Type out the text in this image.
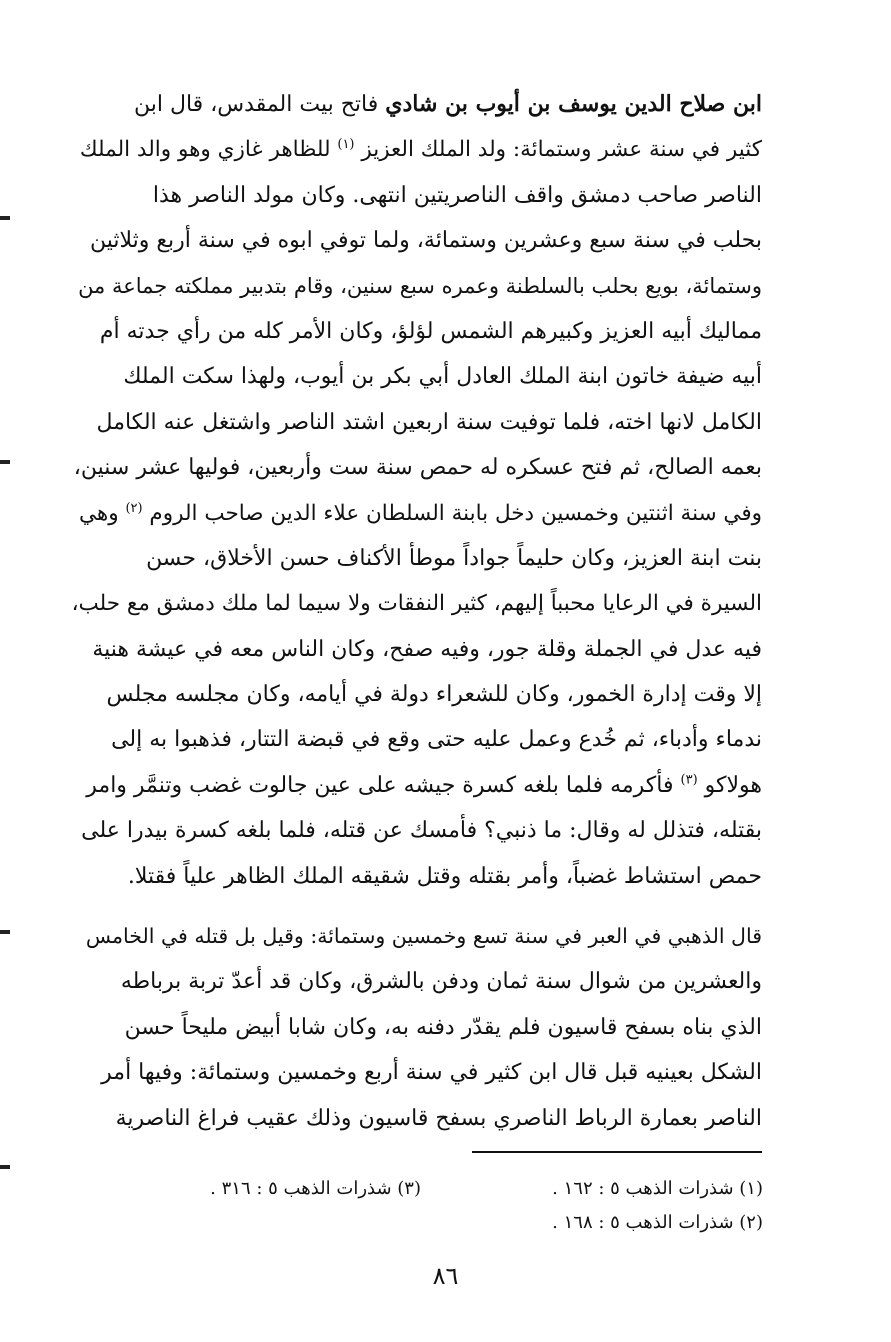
ابن صلاح الدين يوسف بن أيوب بن شادي فاتح بيت المقدس، قال ابن
كثير في سنة عشر وستمائة: ولد الملك العزيز $^{(١)}$ للظاهر غازي وهو والد الملك
الناصر صاحب دمشق واقف الناصريتين انتهى. وكان مولد الناصر هذا
بحلب في سنة سبع وعشرين وستمائة، ولما توفي ابوه في سنة أربع وثلاثين
وستمائة، بويع بحلب بالسلطنة وعمره سبع سنين، وقام بتدبير مملكته جماعة من
مماليك أبيه العزيز وكبيرهم الشمس لؤلؤ، وكان الأمر كله من رأي جدته أم
أبيه ضيفة خاتون ابنة الملك العادل أبي بكر بن أيوب، ولهذا سكت الملك
الكامل لانها اخته، فلما توفيت سنة اربعين اشتد الناصر واشتغل عنه الكامل
بعمه الصالح، ثم فتح عسكره له حمص سنة ست وأربعين، فوليها عشر سنين،
وفي سنة اثنتين وخمسين دخل بابنة السلطان علاء الدين صاحب الروم $^{(٢)}$ وهي
بنت ابنة العزيز، وكان حليماً جواداً موطأ الأكناف حسن الأخلاق، حسن
السيرة في الرعايا محبباً إليهم، كثير النفقات ولا سيما لما ملك دمشق مع حلب،
فيه عدل في الجملة وقلة جور، وفيه صفح، وكان الناس معه في عيشة هنية
إلا وقت إدارة الخمور، وكان للشعراء دولة في أيامه، وكان مجلسه مجلس
ندماء وأدباء، ثم خُدع وعمل عليه حتى وقع في قبضة التتار، فذهبوا به إلى
هولاكو $^{(٣)}$ فأكرمه فلما بلغه كسرة جيشه على عين جالوت غضب وتنمَّر وامر
بقتله، فتذلل له وقال: ما ذنبي؟ فأمسك عن قتله، فلما بلغه كسرة بيدرا على
حمص استشاط غضباً، وأمر بقتله وقتل شقيقه الملك الظاهر علياً فقتلا.
قال الذهبي في العبر في سنة تسع وخمسين وستمائة: وقيل بل قتله في الخامس
والعشرين من شوال سنة ثمان ودفن بالشرق، وكان قد أعدّ تربة برباطه
الذي بناه بسفح قاسيون فلم يقدّر دفنه به، وكان شابا أبيض مليحاً حسن
الشكل بعينيه قبل قال ابن كثير في سنة أربع وخمسين وستمائة: وفيها أمر
الناصر بعمارة الرباط الناصري بسفح قاسيون وذلك عقيب فراغ الناصرية
(١) شذرات الذهب ٥ : ١٦٢ .
(٢) شذرات الذهب ٥ : ١٦٨ .
(٣) شذرات الذهب ٥ : ٣١٦ .
٨٦
